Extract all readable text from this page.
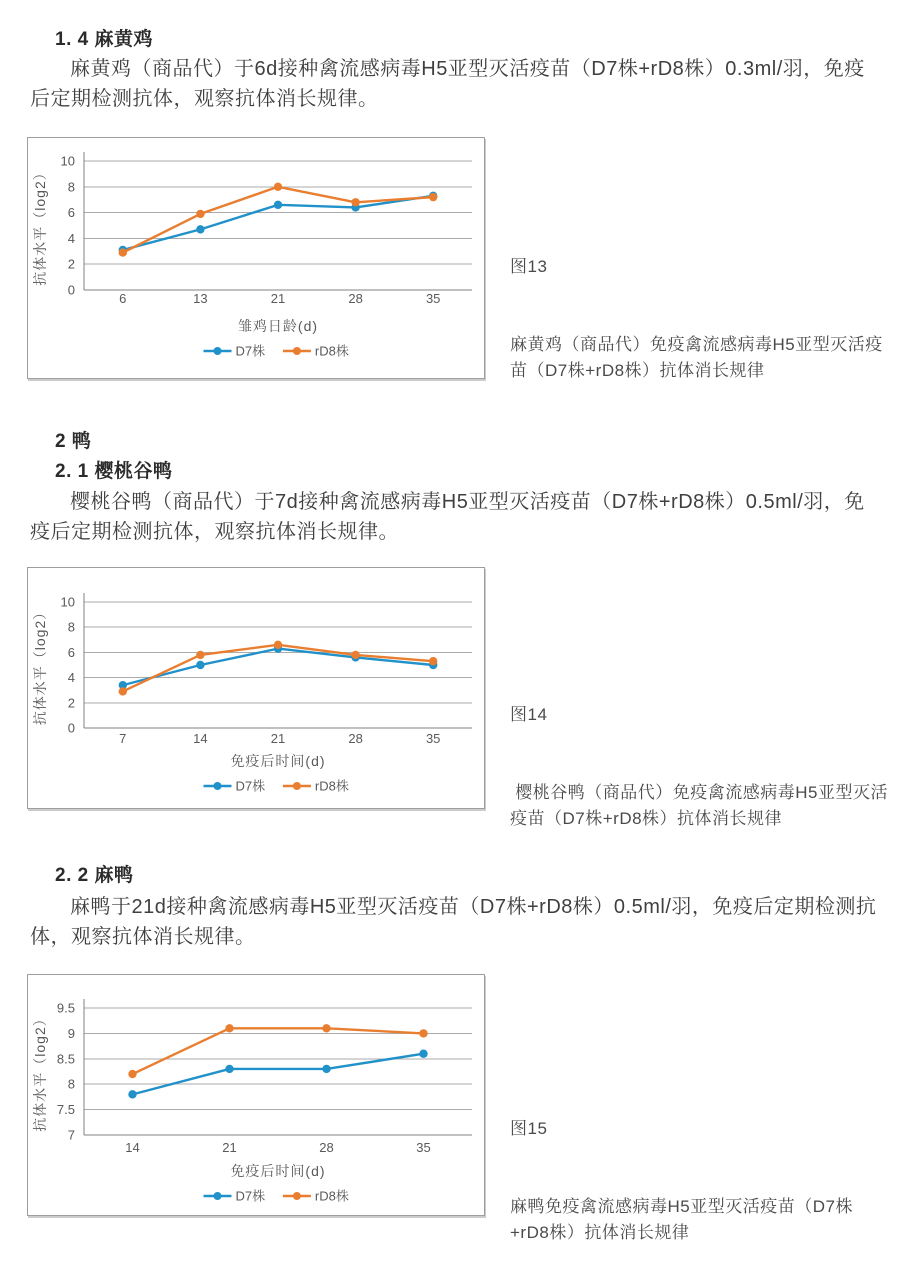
1. 4 麻黄鸡
麻黄鸡（商品代）于6d接种禽流感病毒H5亚型灭活疫苗（D7株+rD8株）0.3ml/羽，免疫后定期检测抗体，观察抗体消长规律。
0
2
4
6
8
10
6	13	21	28	35
抗体水平（log2）
雏鸡日龄(d)
D7株	rD8株

图13

麻黄鸡（商品代）免疫禽流感病毒H5亚型灭活疫苗（D7株+rD8株）抗体消长规律

2 鸭
2. 1 樱桃谷鸭
樱桃谷鸭（商品代）于7d接种禽流感病毒H5亚型灭活疫苗（D7株+rD8株）0.5ml/羽，免疫后定期检测抗体，观察抗体消长规律。
0
2
4
6
8
10
7	14	21	28	35
抗体水平（log2）
免疫后时间(d)
D7株	rD8株

图14

樱桃谷鸭（商品代）免疫禽流感病毒H5亚型灭活疫苗（D7株+rD8株）抗体消长规律

2. 2 麻鸭
麻鸭于21d接种禽流感病毒H5亚型灭活疫苗（D7株+rD8株）0.5ml/羽，免疫后定期检测抗体，观察抗体消长规律。
7
7.5
8
8.5
9
9.5
14	21	28	35
抗体水平（log2）
免疫后时间(d)
D7株	rD8株

图15

麻鸭免疫禽流感病毒H5亚型灭活疫苗（D7株+rD8株）抗体消长规律
